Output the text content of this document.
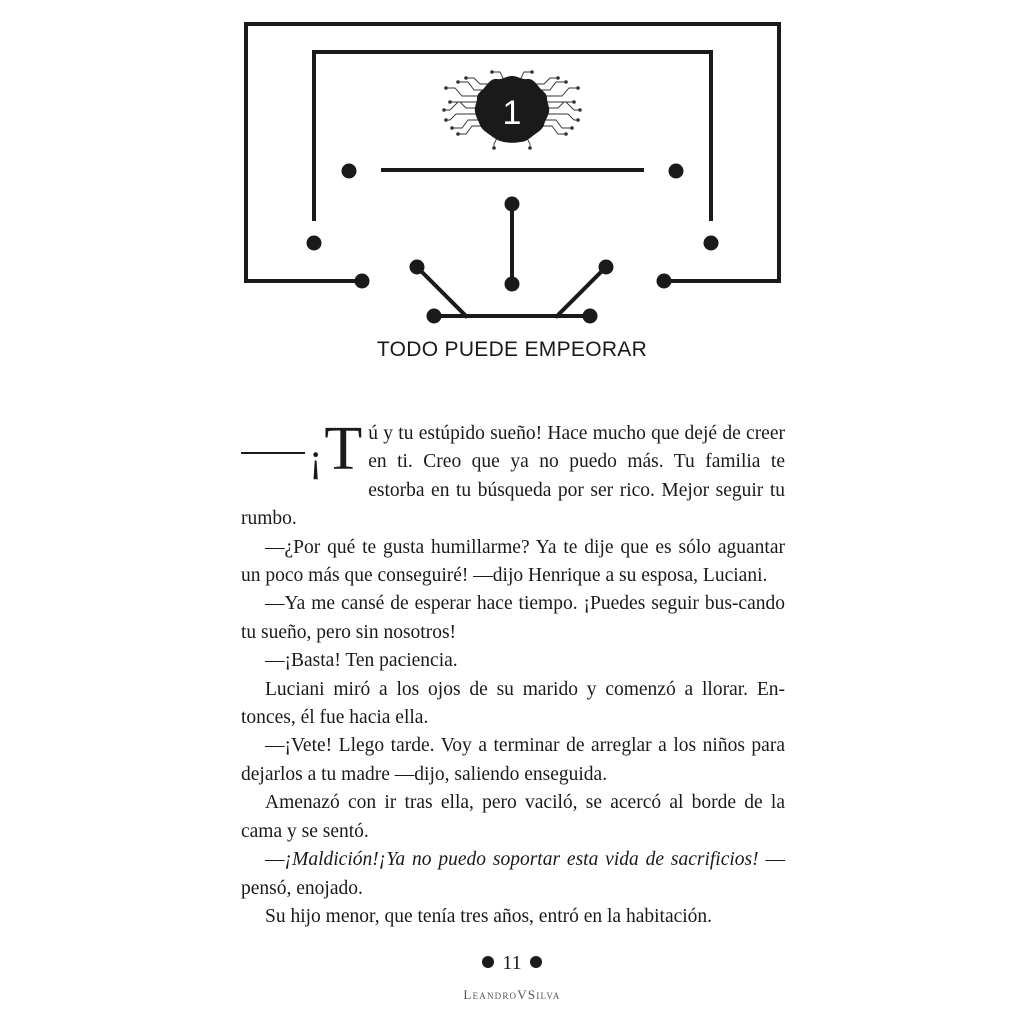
1
TODO PUEDE EMPEORAR

¡T ú y tu estúpido sueño! Hace mucho que dejé de creer en ti. Creo que ya no puedo más. Tu familia te estorba en tu búsqueda por ser rico. Mejor seguir tu rumbo.

—¿Por qué te gusta humillarme? Ya te dije que es sólo aguantar un poco más que conseguiré! —dijo Henrique a su esposa, Luciani.

—Ya me cansé de esperar hace tiempo. ¡Puedes seguir bus-cando tu sueño, pero sin nosotros!

—¡Basta! Ten paciencia.

Luciani miró a los ojos de su marido y comenzó a llorar. En-tonces, él fue hacia ella.

—¡Vete! Llego tarde. Voy a terminar de arreglar a los niños para dejarlos a tu madre —dijo, saliendo enseguida.

Amenazó con ir tras ella, pero vaciló, se acercó al borde de la cama y se sentó.

—¡Maldición!¡Ya no puedo soportar esta vida de sacrificios! —pensó, enojado.

Su hijo menor, que tenía tres años, entró en la habitación.

11
LeandroVSilva
